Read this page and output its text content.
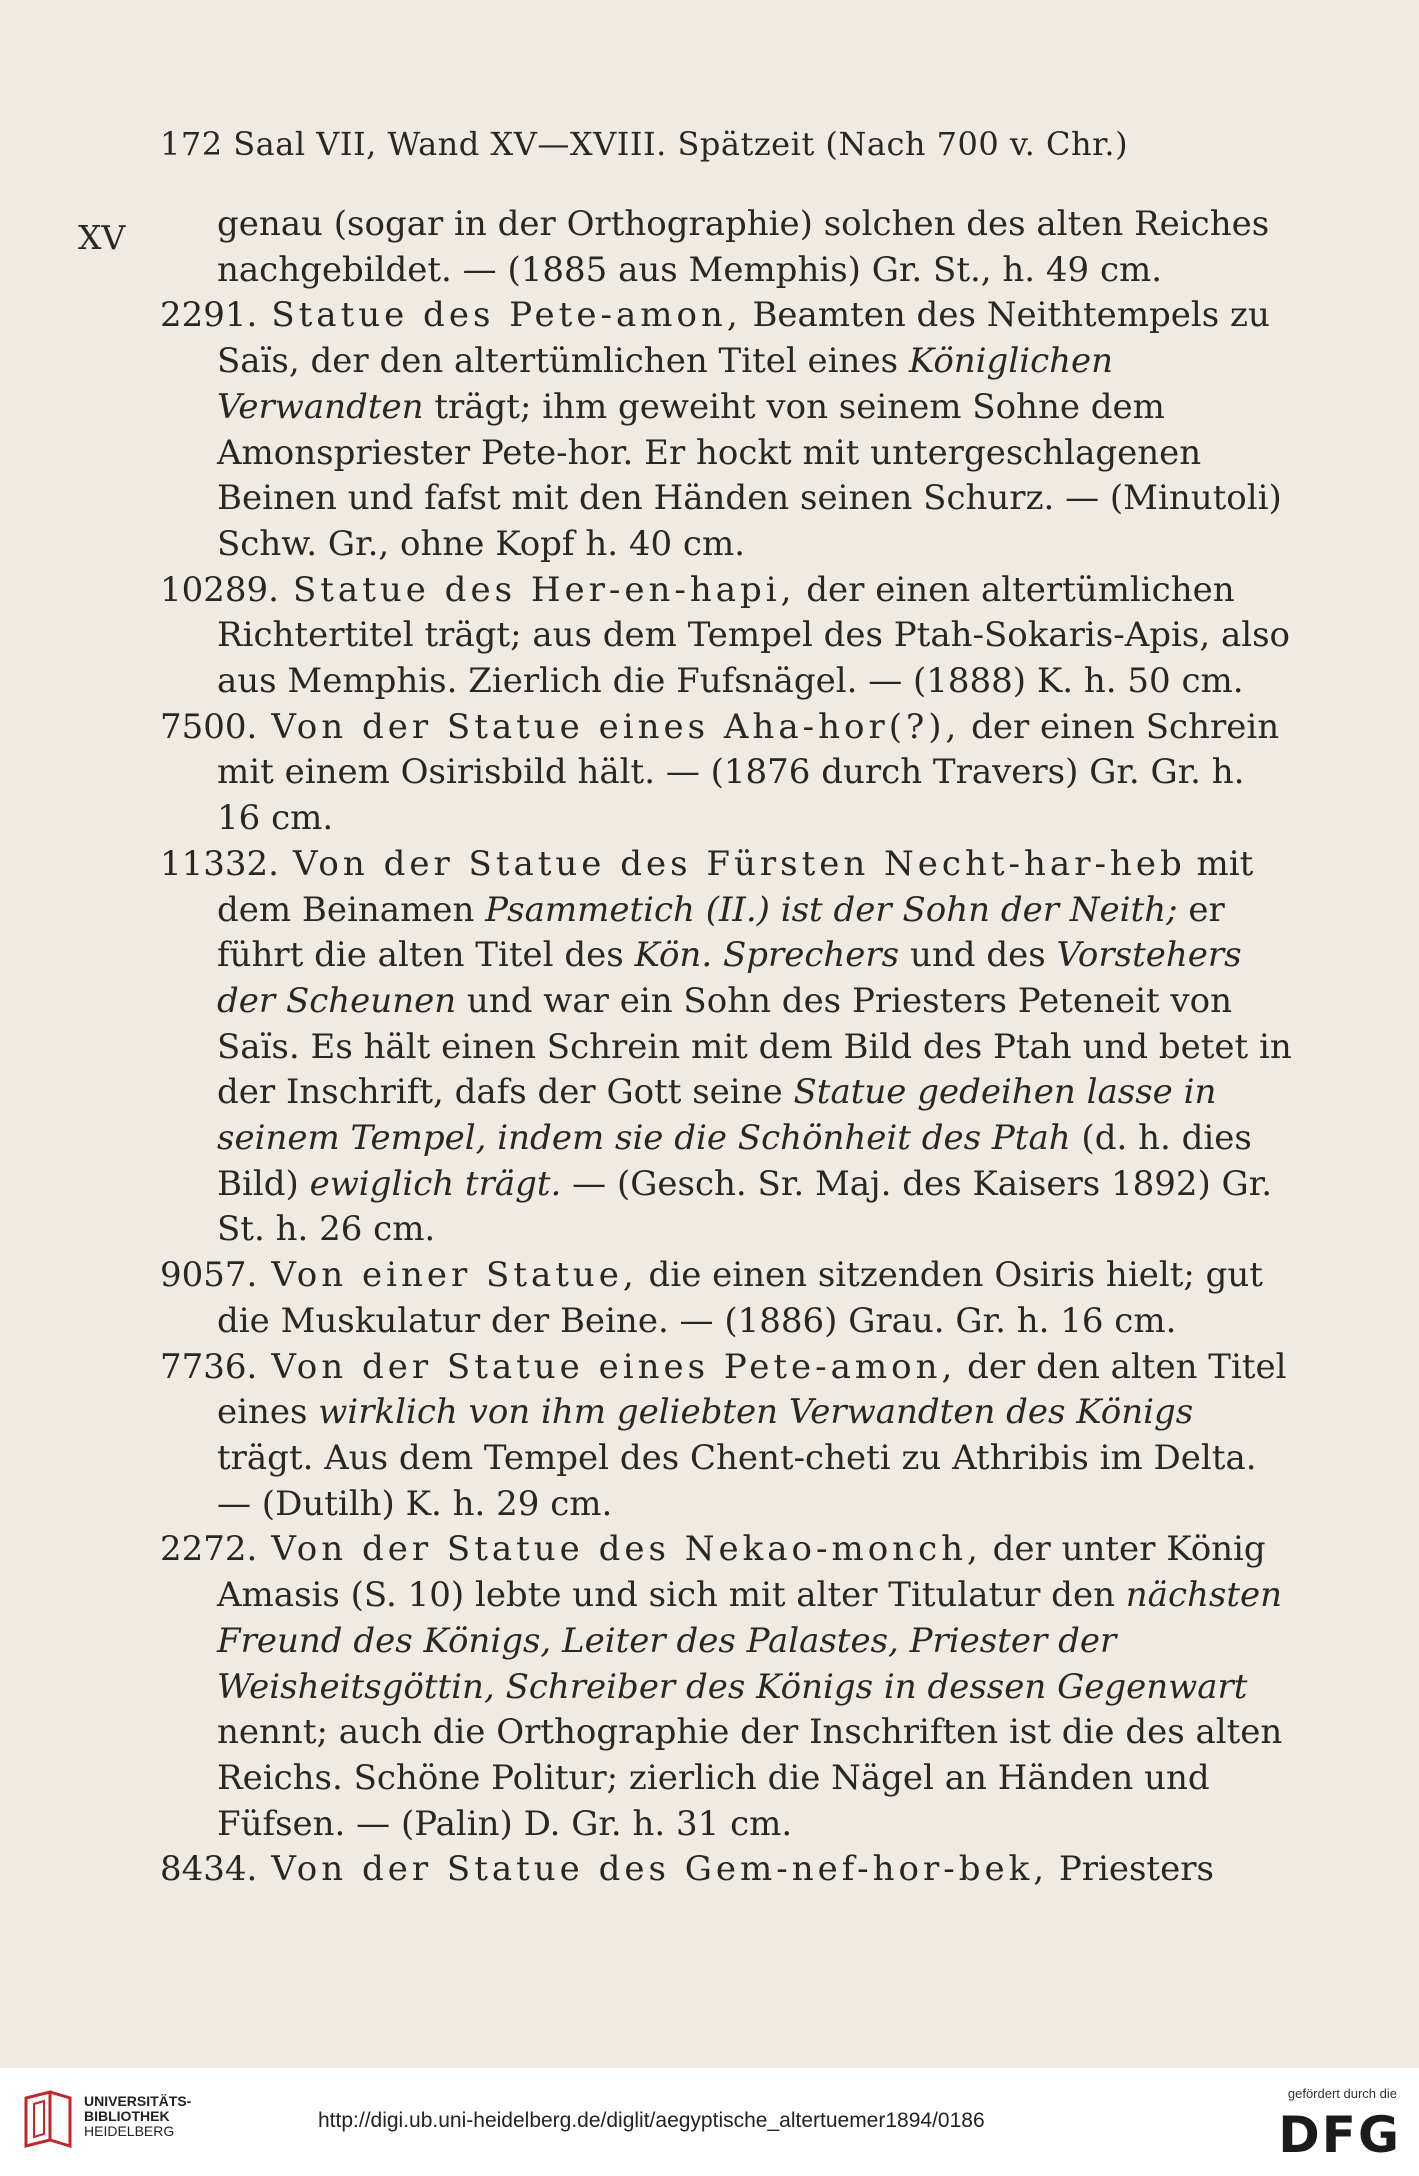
172 Saal VII, Wand XV—XVIII. Spätzeit (Nach 700 v. Chr.)
XV	genau (sogar in der Orthographie) solchen des alten Reiches nachgebildet. — (1885 aus Memphis) Gr. St., h. 49 cm.

2291. Statue des Pete-amon, Beamten des Neithtempels zu Saïs, der den altertümlichen Titel eines Königlichen Verwandten trägt; ihm geweiht von seinem Sohne dem Amonspriester Pete-hor. Er hockt mit untergeschlagenen Beinen und fafst mit den Händen seinen Schurz. — (Minutoli) Schw. Gr., ohne Kopf h. 40 cm.

10289. Statue des Her-en-hapi, der einen altertümlichen Richtertitel trägt; aus dem Tempel des Ptah-Sokaris-Apis, also aus Memphis. Zierlich die Fufsnägel. — (1888) K. h. 50 cm.

7500. Von der Statue eines Aha-hor(?), der einen Schrein mit einem Osirisbild hält. — (1876 durch Travers) Gr. Gr. h. 16 cm.

11332. Von der Statue des Fürsten Necht-har-heb mit dem Beinamen Psammetich (II.) ist der Sohn der Neith; er führt die alten Titel des Kön. Sprechers und des Vorstehers der Scheunen und war ein Sohn des Priesters Peteneit von Saïs. Es hält einen Schrein mit dem Bild des Ptah und betet in der Inschrift, dafs der Gott seine Statue gedeihen lasse in seinem Tempel, indem sie die Schönheit des Ptah (d. h. dies Bild) ewiglich trägt. — (Gesch. Sr. Maj. des Kaisers 1892) Gr. St. h. 26 cm.

9057. Von einer Statue, die einen sitzenden Osiris hielt; gut die Muskulatur der Beine. — (1886) Grau. Gr. h. 16 cm.

7736. Von der Statue eines Pete-amon, der den alten Titel eines wirklich von ihm geliebten Verwandten des Königs trägt. Aus dem Tempel des Chent-cheti zu Athribis im Delta. — (Dutilh) K. h. 29 cm.

2272. Von der Statue des Nekao-monch, der unter König Amasis (S. 10) lebte und sich mit alter Titulatur den nächsten Freund des Königs, Leiter des Palastes, Priester der Weisheitsgöttin, Schreiber des Königs in dessen Gegenwart nennt; auch die Orthographie der Inschriften ist die des alten Reichs. Schöne Politur; zierlich die Nägel an Händen und Füfsen. — (Palin) D. Gr. h. 31 cm.

8434. Von der Statue des Gem-nef-hor-bek, Priesters

UNIVERSITÄTS-
BIBLIOTHEK
HEIDELBERG	http://digi.ub.uni-heidelberg.de/diglit/aegyptische_altertuemer1894/0186
gefördert durch die
DFG
